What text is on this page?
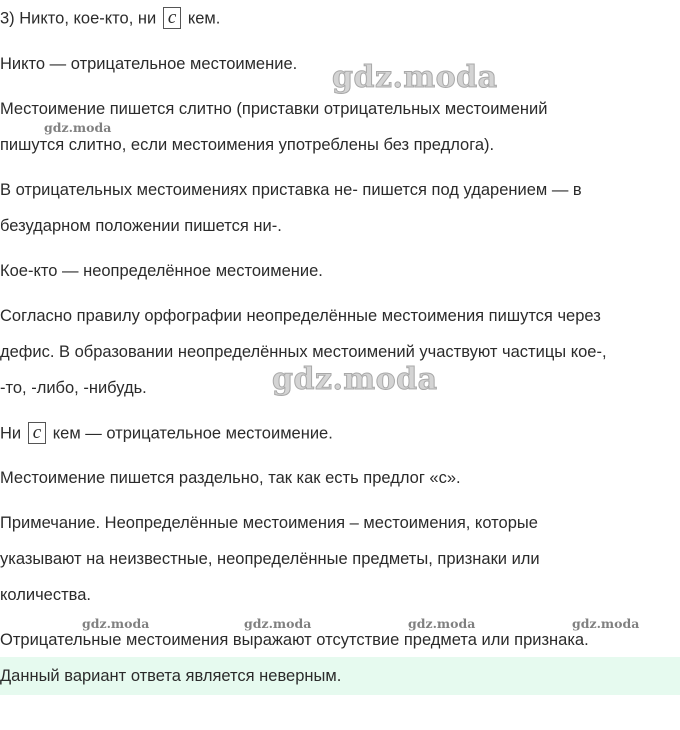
3) Никто, кое-кто, ни с кем.
Никто — отрицательное местоимение.
Местоимение пишется слитно (приставки отрицательных местоимений
пишутся слитно, если местоимения употреблены без предлога).
В отрицательных местоимениях приставка не- пишется под ударением — в
безударном положении пишется ни-.
Кое-кто — неопределённое местоимение.
Согласно правилу орфографии неопределённые местоимения пишутся через
дефис. В образовании неопределённых местоимений участвуют частицы кое-,
-то, -либо, -нибудь.
Ни с кем — отрицательное местоимение.
Местоимение пишется раздельно, так как есть предлог «с».
Примечание. Неопределённые местоимения – местоимения, которые
указывают на неизвестные, неопределённые предметы, признаки или
количества.
Отрицательные местоимения выражают отсутствие предмета или признака.
Данный вариант ответа является неверным.
gdz.moda
gdz.moda
gdz.moda
gdz.moda	gdz.moda	gdz.moda	gdz.moda
